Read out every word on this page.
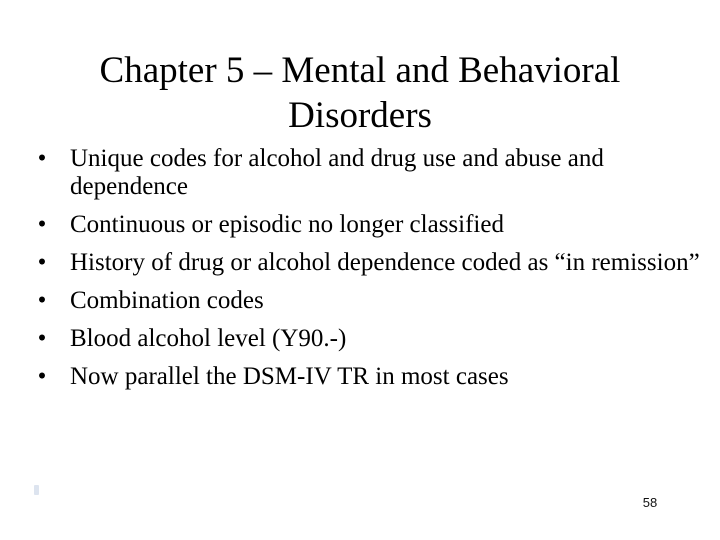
Chapter 5 – Mental and Behavioral
Disorders
• Unique codes for alcohol and drug use and abuse and dependence
• Continuous or episodic no longer classified
• History of drug or alcohol dependence coded as “in remission”
• Combination codes
• Blood alcohol level (Y90.-)
• Now parallel the DSM-IV TR in most cases
58
